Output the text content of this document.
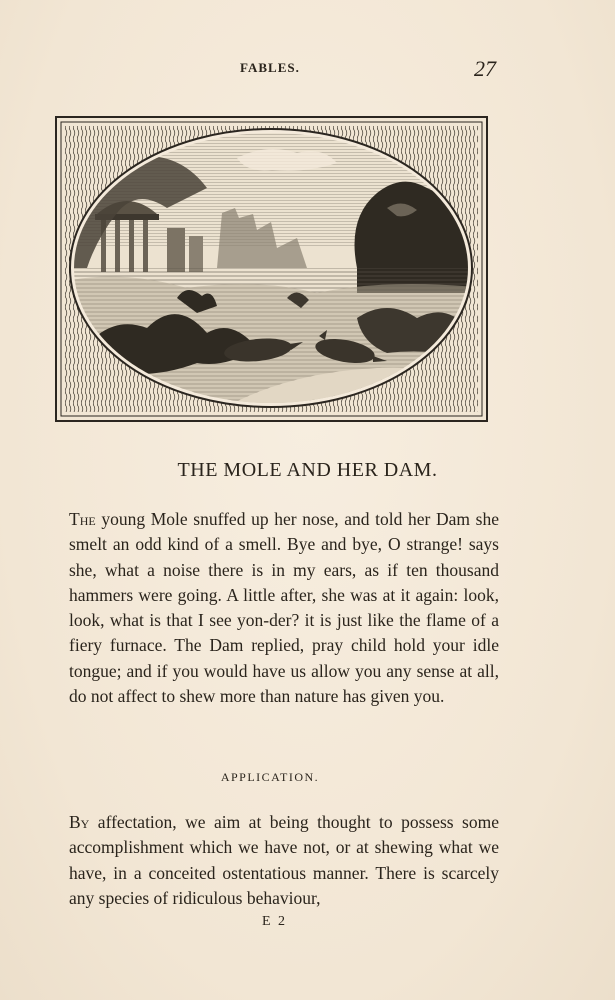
FABLES.	27
THE MOLE AND HER DAM.
The young Mole snuffed up her nose, and told her Dam she smelt an odd kind of a smell. Bye and bye, O strange! says she, what a noise there is in my ears, as if ten thousand hammers were going. A little after, she was at it again: look, look, what is that I see yon-der? it is just like the flame of a fiery furnace. The Dam replied, pray child hold your idle tongue; and if you would have us allow you any sense at all, do not affect to shew more than nature has given you.
APPLICATION.
By affectation, we aim at being thought to possess some accomplishment which we have not, or at shewing what we have, in a conceited ostentatious manner. There is scarcely any species of ridiculous behaviour,
E 2
